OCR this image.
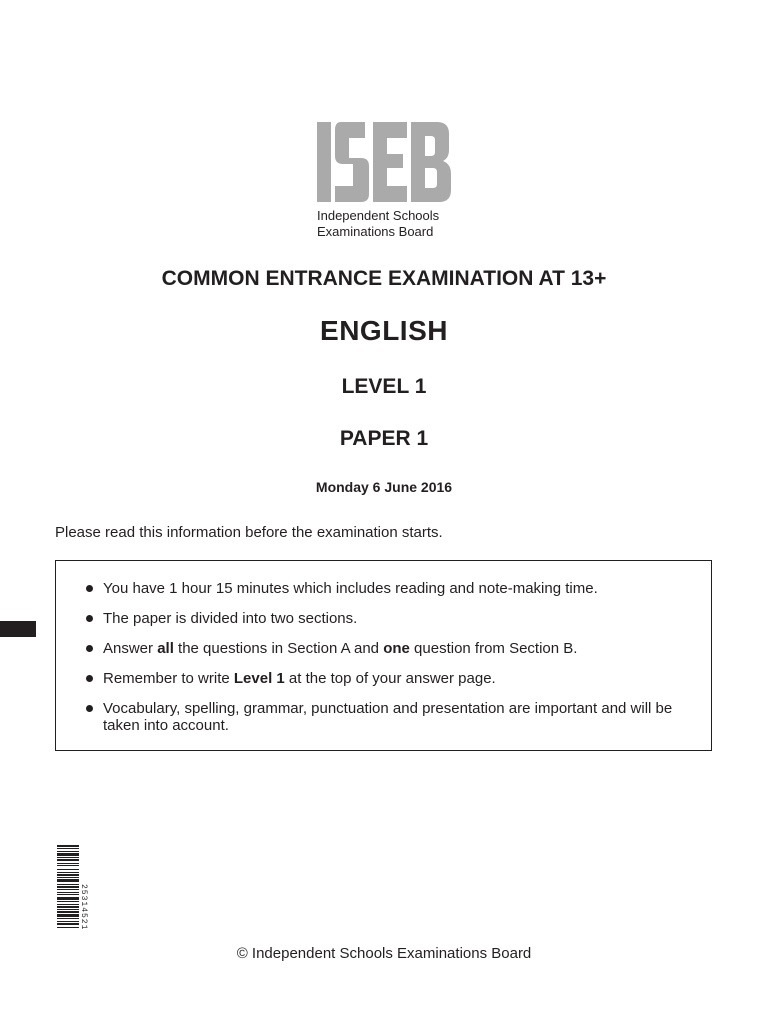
Independent Schools
Examinations Board
COMMON ENTRANCE EXAMINATION AT 13+
ENGLISH
LEVEL 1
PAPER 1
Monday 6 June 2016
Please read this information before the examination starts.
You have 1 hour 15 minutes which includes reading and note-making time.
The paper is divided into two sections.
Answer all the questions in Section A and one question from Section B.
Remember to write Level 1 at the top of your answer page.
Vocabulary, spelling, grammar, punctuation and presentation are important and will be taken into account.
25314521
© Independent Schools Examinations Board
